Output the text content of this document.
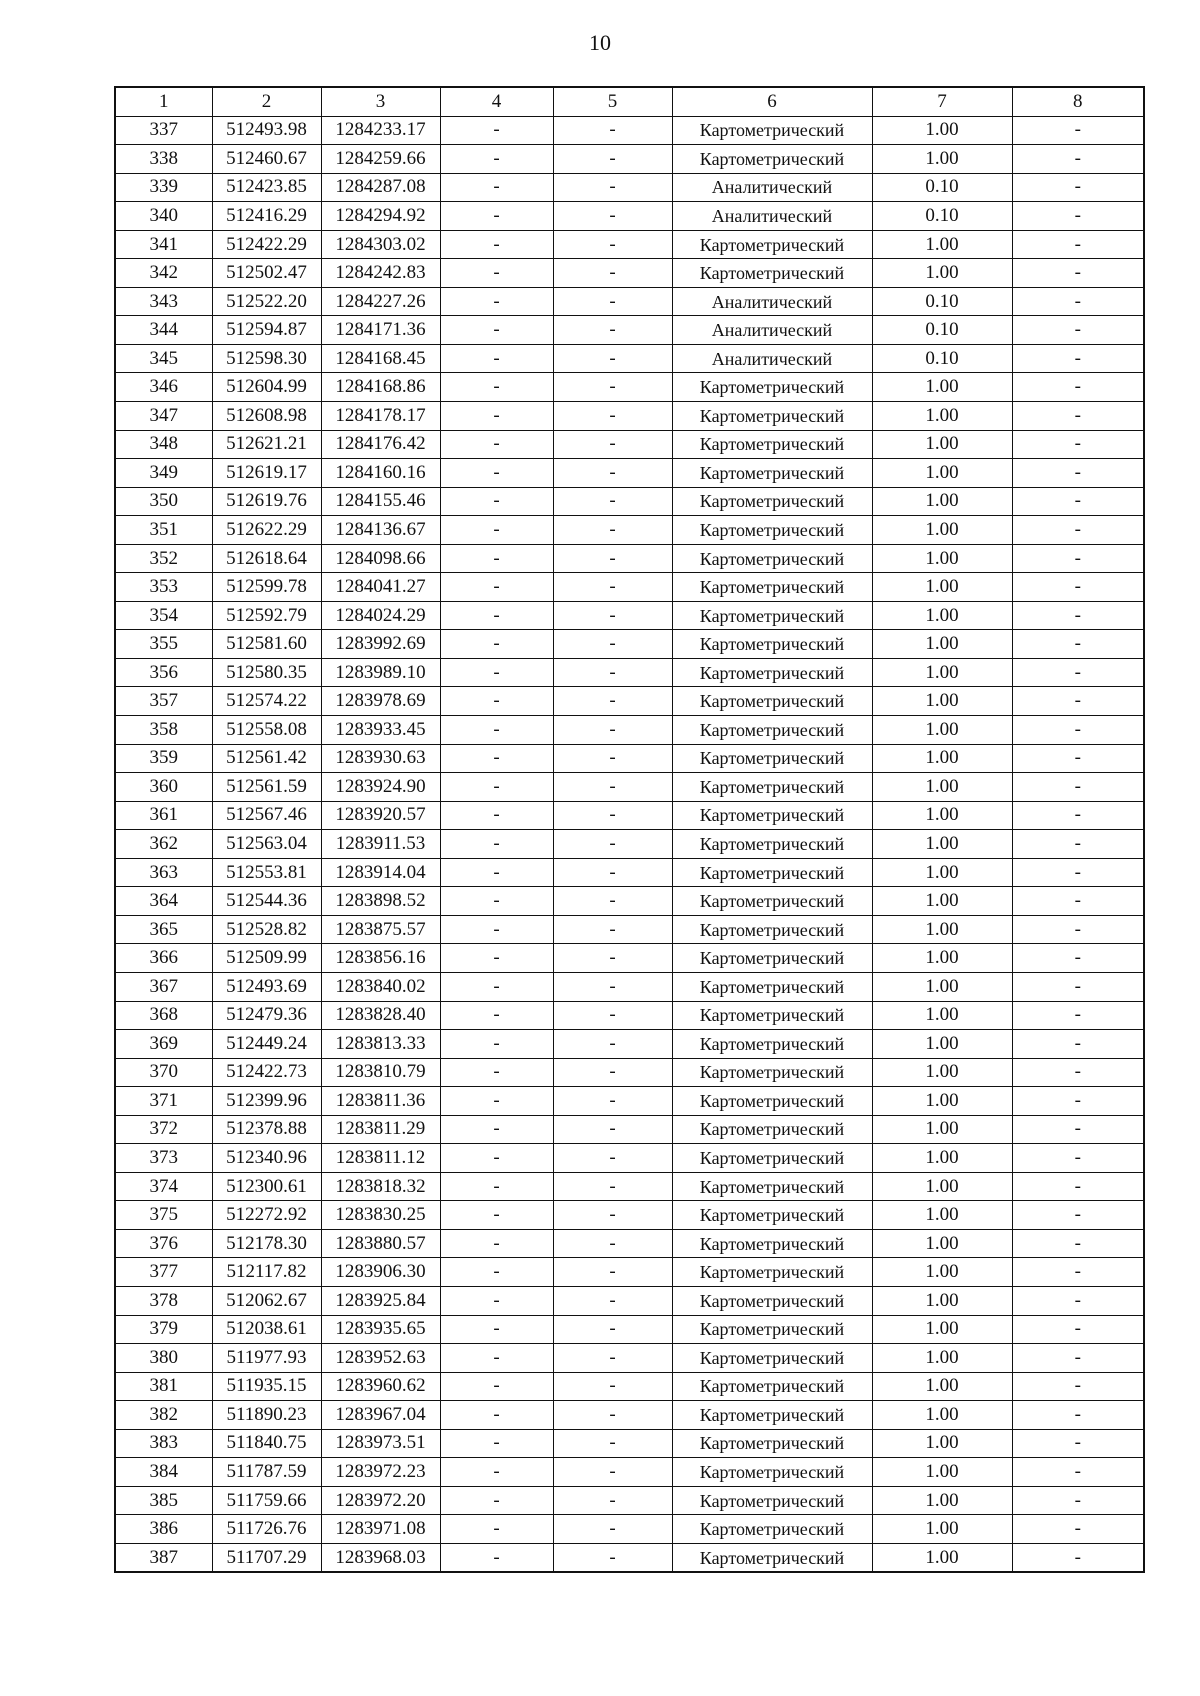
10
1	2	3	4	5	6	7	8
337	512493.98	1284233.17	-	-	Картометрический	1.00	-
338	512460.67	1284259.66	-	-	Картометрический	1.00	-
339	512423.85	1284287.08	-	-	Аналитический	0.10	-
340	512416.29	1284294.92	-	-	Аналитический	0.10	-
341	512422.29	1284303.02	-	-	Картометрический	1.00	-
342	512502.47	1284242.83	-	-	Картометрический	1.00	-
343	512522.20	1284227.26	-	-	Аналитический	0.10	-
344	512594.87	1284171.36	-	-	Аналитический	0.10	-
345	512598.30	1284168.45	-	-	Аналитический	0.10	-
346	512604.99	1284168.86	-	-	Картометрический	1.00	-
347	512608.98	1284178.17	-	-	Картометрический	1.00	-
348	512621.21	1284176.42	-	-	Картометрический	1.00	-
349	512619.17	1284160.16	-	-	Картометрический	1.00	-
350	512619.76	1284155.46	-	-	Картометрический	1.00	-
351	512622.29	1284136.67	-	-	Картометрический	1.00	-
352	512618.64	1284098.66	-	-	Картометрический	1.00	-
353	512599.78	1284041.27	-	-	Картометрический	1.00	-
354	512592.79	1284024.29	-	-	Картометрический	1.00	-
355	512581.60	1283992.69	-	-	Картометрический	1.00	-
356	512580.35	1283989.10	-	-	Картометрический	1.00	-
357	512574.22	1283978.69	-	-	Картометрический	1.00	-
358	512558.08	1283933.45	-	-	Картометрический	1.00	-
359	512561.42	1283930.63	-	-	Картометрический	1.00	-
360	512561.59	1283924.90	-	-	Картометрический	1.00	-
361	512567.46	1283920.57	-	-	Картометрический	1.00	-
362	512563.04	1283911.53	-	-	Картометрический	1.00	-
363	512553.81	1283914.04	-	-	Картометрический	1.00	-
364	512544.36	1283898.52	-	-	Картометрический	1.00	-
365	512528.82	1283875.57	-	-	Картометрический	1.00	-
366	512509.99	1283856.16	-	-	Картометрический	1.00	-
367	512493.69	1283840.02	-	-	Картометрический	1.00	-
368	512479.36	1283828.40	-	-	Картометрический	1.00	-
369	512449.24	1283813.33	-	-	Картометрический	1.00	-
370	512422.73	1283810.79	-	-	Картометрический	1.00	-
371	512399.96	1283811.36	-	-	Картометрический	1.00	-
372	512378.88	1283811.29	-	-	Картометрический	1.00	-
373	512340.96	1283811.12	-	-	Картометрический	1.00	-
374	512300.61	1283818.32	-	-	Картометрический	1.00	-
375	512272.92	1283830.25	-	-	Картометрический	1.00	-
376	512178.30	1283880.57	-	-	Картометрический	1.00	-
377	512117.82	1283906.30	-	-	Картометрический	1.00	-
378	512062.67	1283925.84	-	-	Картометрический	1.00	-
379	512038.61	1283935.65	-	-	Картометрический	1.00	-
380	511977.93	1283952.63	-	-	Картометрический	1.00	-
381	511935.15	1283960.62	-	-	Картометрический	1.00	-
382	511890.23	1283967.04	-	-	Картометрический	1.00	-
383	511840.75	1283973.51	-	-	Картометрический	1.00	-
384	511787.59	1283972.23	-	-	Картометрический	1.00	-
385	511759.66	1283972.20	-	-	Картометрический	1.00	-
386	511726.76	1283971.08	-	-	Картометрический	1.00	-
387	511707.29	1283968.03	-	-	Картометрический	1.00	-
